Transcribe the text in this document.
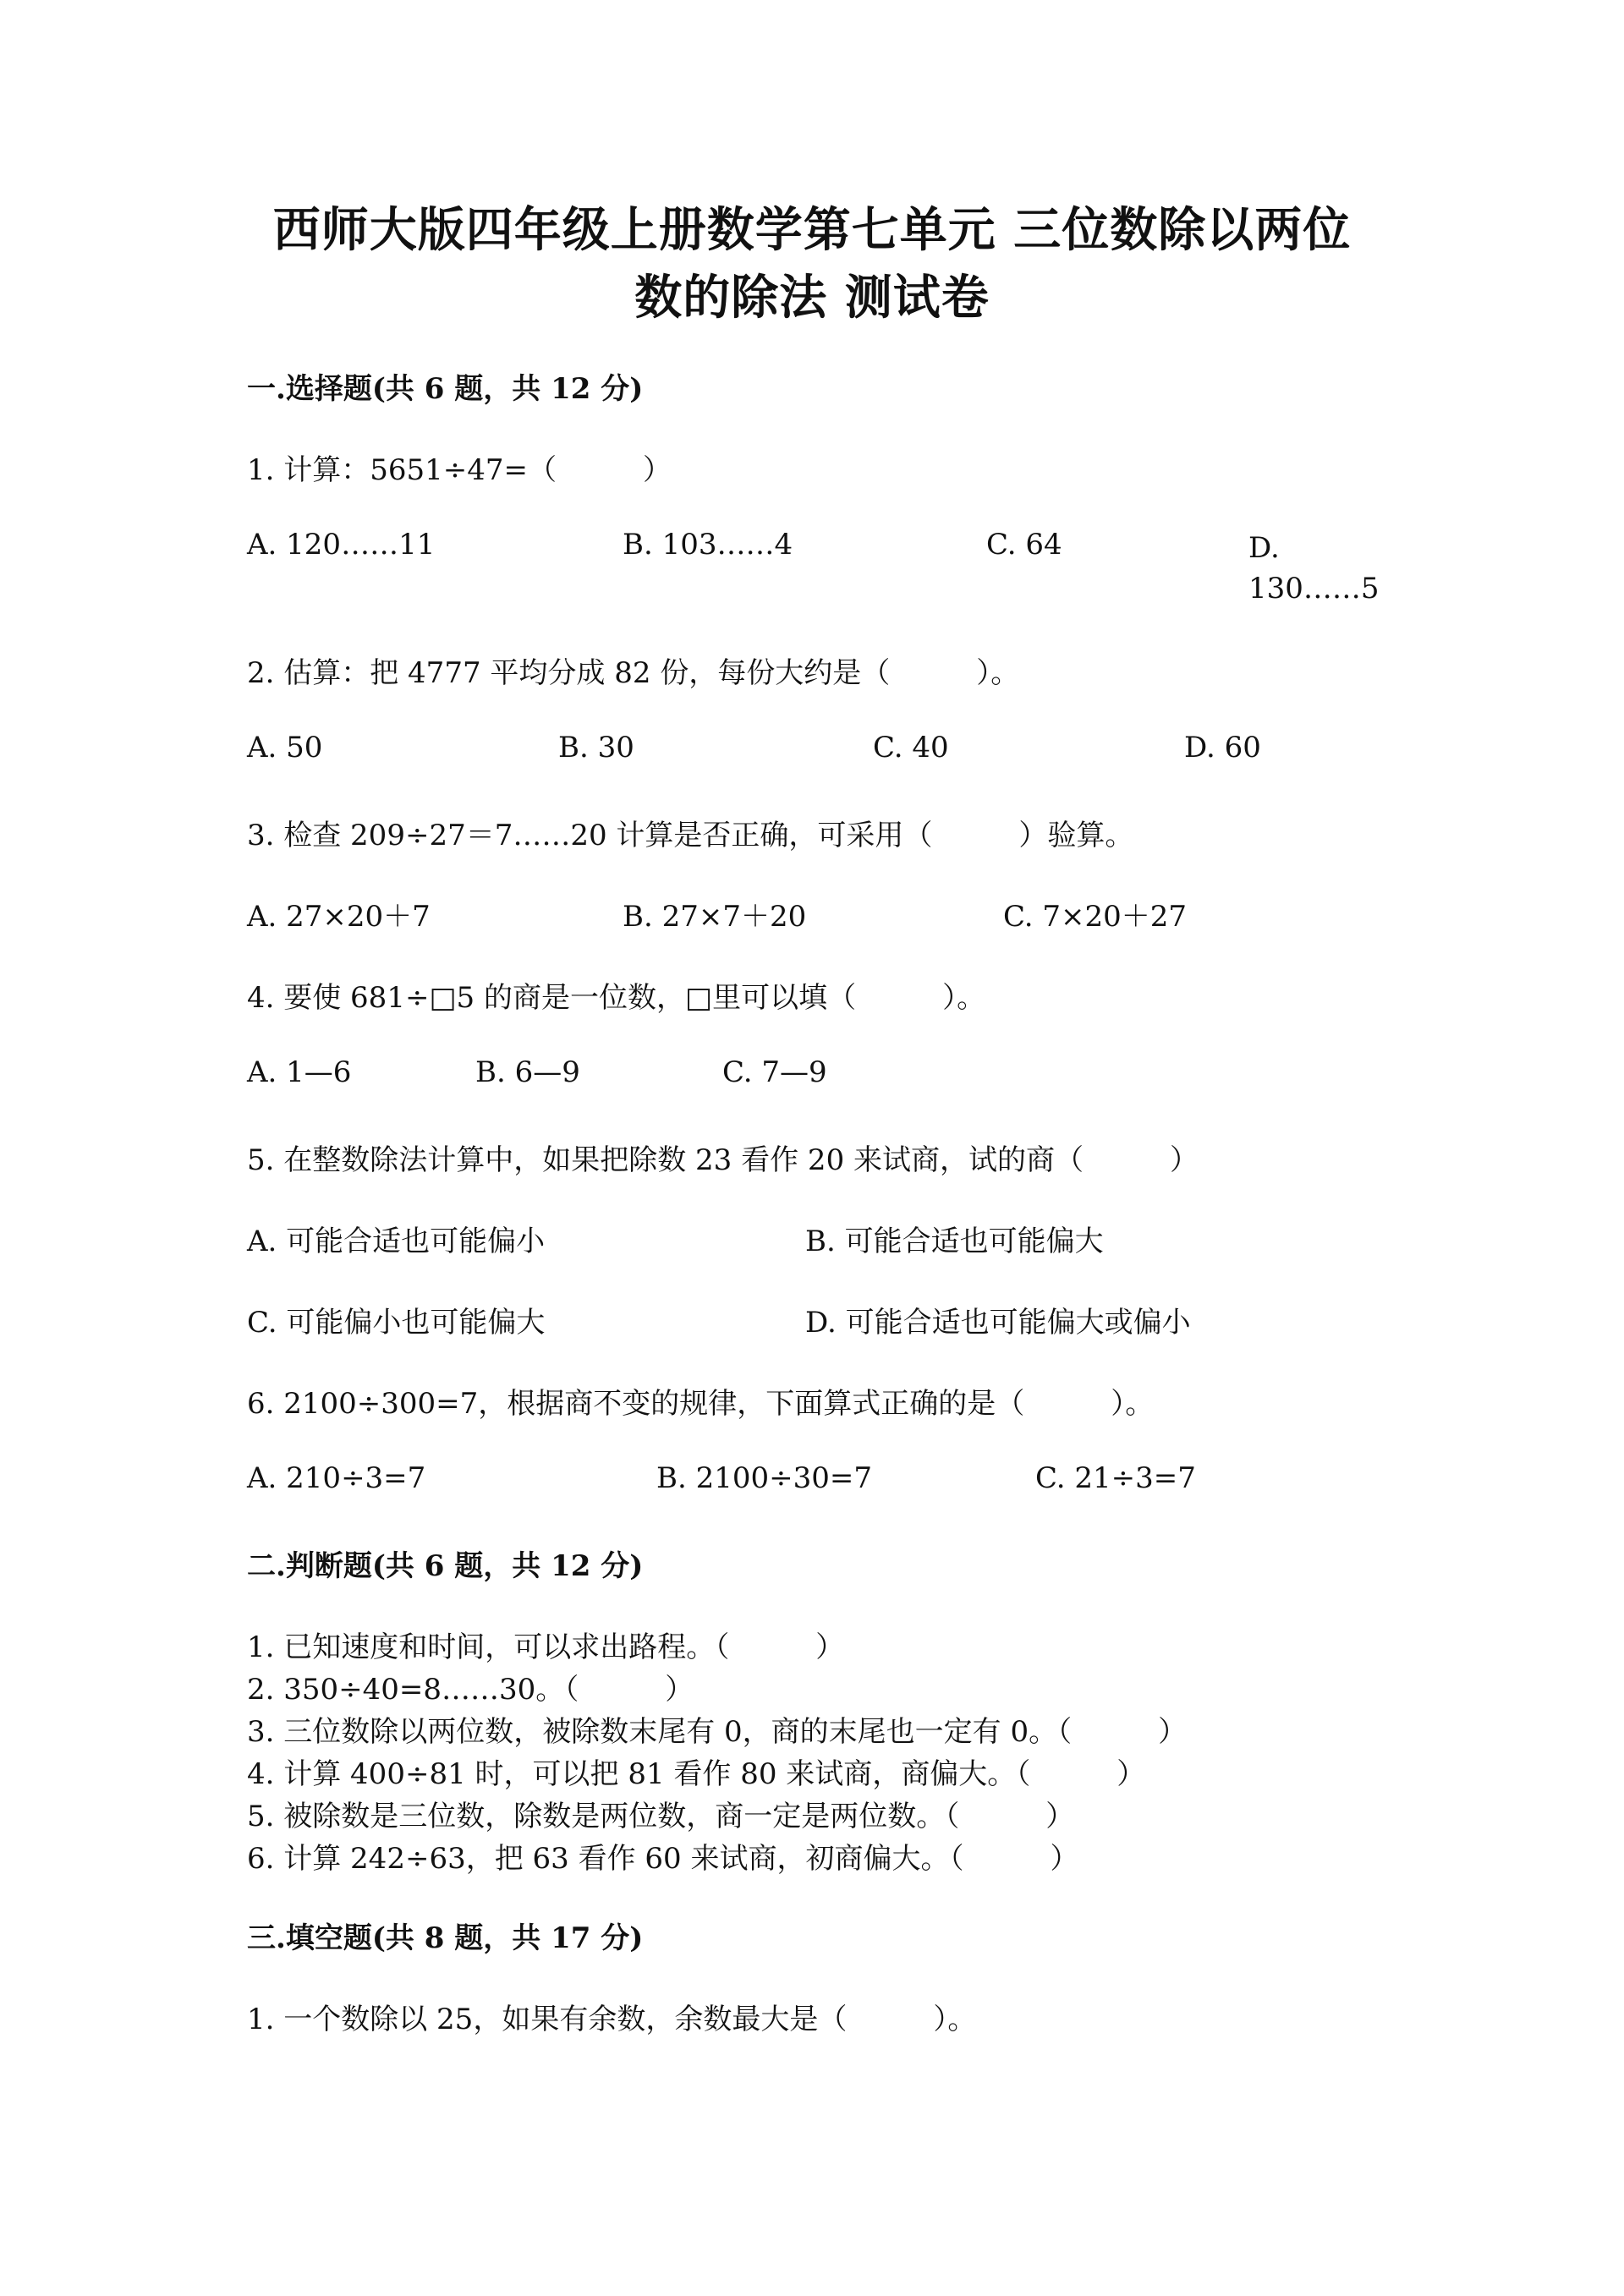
西师大版四年级上册数学第七单元 三位数除以两位
数的除法 测试卷
一.选择题(共 6 题，共 12 分)
1. 计算：5651÷47=（　　　）
A. 120……11	B. 103……4	C. 64	D. 130……5
2. 估算：把 4777 平均分成 82 份，每份大约是（　　　）。
A. 50	B. 30	C. 40	D. 60
3. 检查 209÷27＝7……20 计算是否正确，可采用（　　　）验算。
A. 27×20＋7	B. 27×7＋20	C. 7×20＋27
4. 要使 681÷□5 的商是一位数，□里可以填（　　　）。
A. 1—6	B. 6—9	C. 7—9
5. 在整数除法计算中，如果把除数 23 看作 20 来试商，试的商（　　　）
A. 可能合适也可能偏小	B. 可能合适也可能偏大
C. 可能偏小也可能偏大	D. 可能合适也可能偏大或偏小
6. 2100÷300=7，根据商不变的规律，下面算式正确的是（　　　）。
A. 210÷3=7	B. 2100÷30=7	C. 21÷3=7
二.判断题(共 6 题，共 12 分)
1. 已知速度和时间，可以求出路程。（　　　）
2. 350÷40=8……30。（　　　）
3. 三位数除以两位数，被除数末尾有 0，商的末尾也一定有 0。（　　　）
4. 计算 400÷81 时，可以把 81 看作 80 来试商，商偏大。（　　　）
5. 被除数是三位数，除数是两位数，商一定是两位数。（　　　）
6. 计算 242÷63，把 63 看作 60 来试商，初商偏大。（　　　）
三.填空题(共 8 题，共 17 分)
1. 一个数除以 25，如果有余数，余数最大是（　　　）。
